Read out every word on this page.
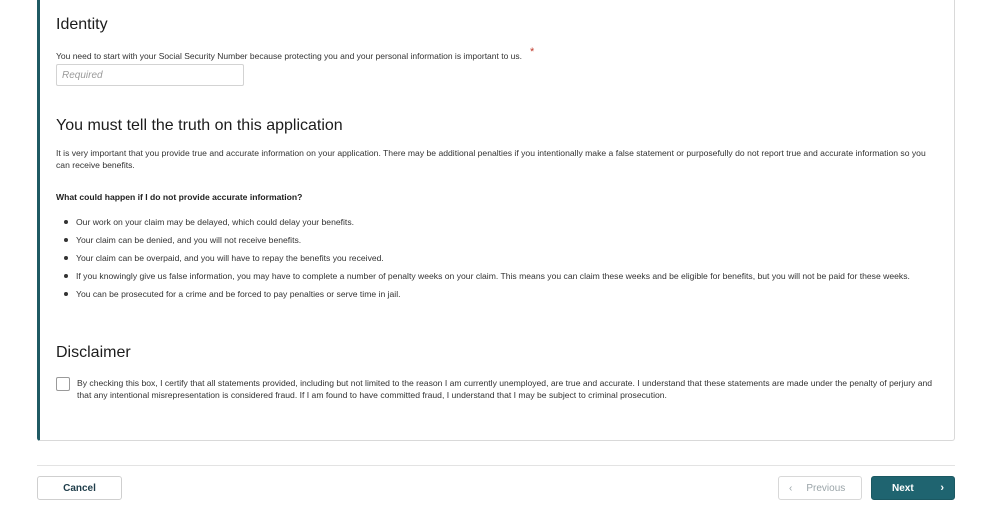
Identity
You need to start with your Social Security Number because protecting you and your personal information is important to us. *
Required
You must tell the truth on this application

It is very important that you provide true and accurate information on your application. There may be additional penalties if you intentionally make a false statement or purposefully do not report true and accurate information so you can receive benefits.

What could happen if I do not provide accurate information?

Our work on your claim may be delayed, which could delay your benefits.
Your claim can be denied, and you will not receive benefits.
Your claim can be overpaid, and you will have to repay the benefits you received.
If you knowingly give us false information, you may have to complete a number of penalty weeks on your claim. This means you can claim these weeks and be eligible for benefits, but you will not be paid for these weeks.
You can be prosecuted for a crime and be forced to pay penalties or serve time in jail.
Disclaimer

By checking this box, I certify that all statements provided, including but not limited to the reason I am currently unemployed, are true and accurate. I understand that these statements are made under the penalty of perjury and that any intentional misrepresentation is considered fraud. If I am found to have committed fraud, I understand that I may be subject to criminal prosecution.

Cancel	‹ Previous	Next ›
